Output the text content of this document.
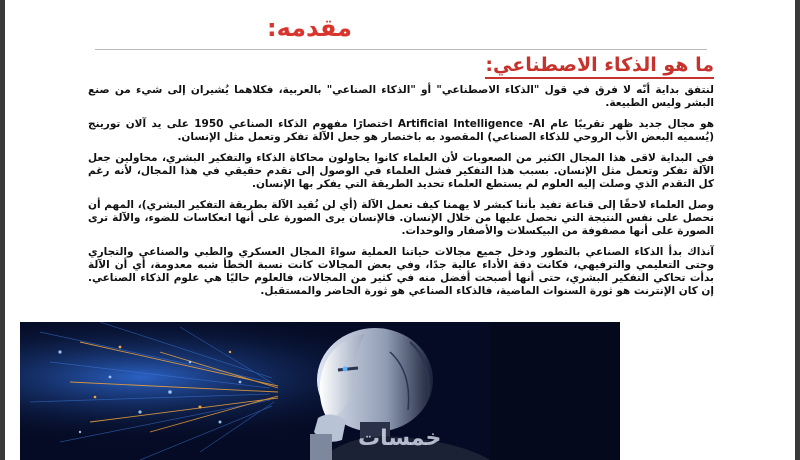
مقدمه:
ما هو الذكاء الاصطناعي:

لنتفق بداية أنّه لا فرق في قول "الذكاء الاصطناعي" أو "الذكاء الصناعي" بالعربية، فكلاهما يُشيران إلى شيء من صنع البشر وليس الطبيعة.

هو مجال جديد ظهر تقريبًا عام Artificial Intelligence -AI اختصارًا مفهوم الذكاء الصناعي 1950 على يد آلان تورينج (يُسميه البعض الأب الروحي للذكاء الصناعي) المقصود به باختصار هو جعل الآلة تفكر وتعمل مثل الإنسان.

في البداية لاقى هذا المجال الكثير من الصعوبات لأن العلماء كانوا يحاولون محاكاة الذكاء والتفكير البشري، محاولين جعل الآلة تفكر وتعمل مثل الإنسان. بسبب هذا التفكير فشل العلماء في الوصول إلى تقدم حقيقي في هذا المجال، لأنه رغم كل التقدم الذي وصلت إليه العلوم لم يستطع العلماء تحديد الطريقة التي يفكر بها الإنسان.

وصل العلماء لاحقًا إلى قناعة تفيد بأننا كبشر لا يهمنا كيف تعمل الآلة (أي لن نُقيد الآلة بطريقة التفكير البشري)، المهم أن نحصل على نفس النتيجة التي نحصل عليها من خلال الإنسان. فالإنسان يرى الصورة على أنها انعكاسات للضوء، والآلة ترى الصورة على أنها مصفوفة من البيكسلات والأصفار والوحدات.

آنذاك بدأ الذكاء الصناعي بالتطور ودخل جميع مجالات حياتنا العملية سواءً المجال العسكري والطبي والصناعي والتجاري وحتى التعليمي والترفيهي، فكانت دقة الأداء عالية جدًا، وفي بعض المجالات كانت نسبة الخطأ شبه معدومة، أي أن الآلة بدأت تحاكي التفكير البشري، حتى أنها أصبحت أفضل منه في كثير من المجالات، فالعلوم حاليًا هي علوم الذكاء الصناعي. إن كان الإنترنت هو ثورة السنوات الماضية، فالذكاء الصناعي هو ثورة الحاضر والمستقبل.

خمسات
